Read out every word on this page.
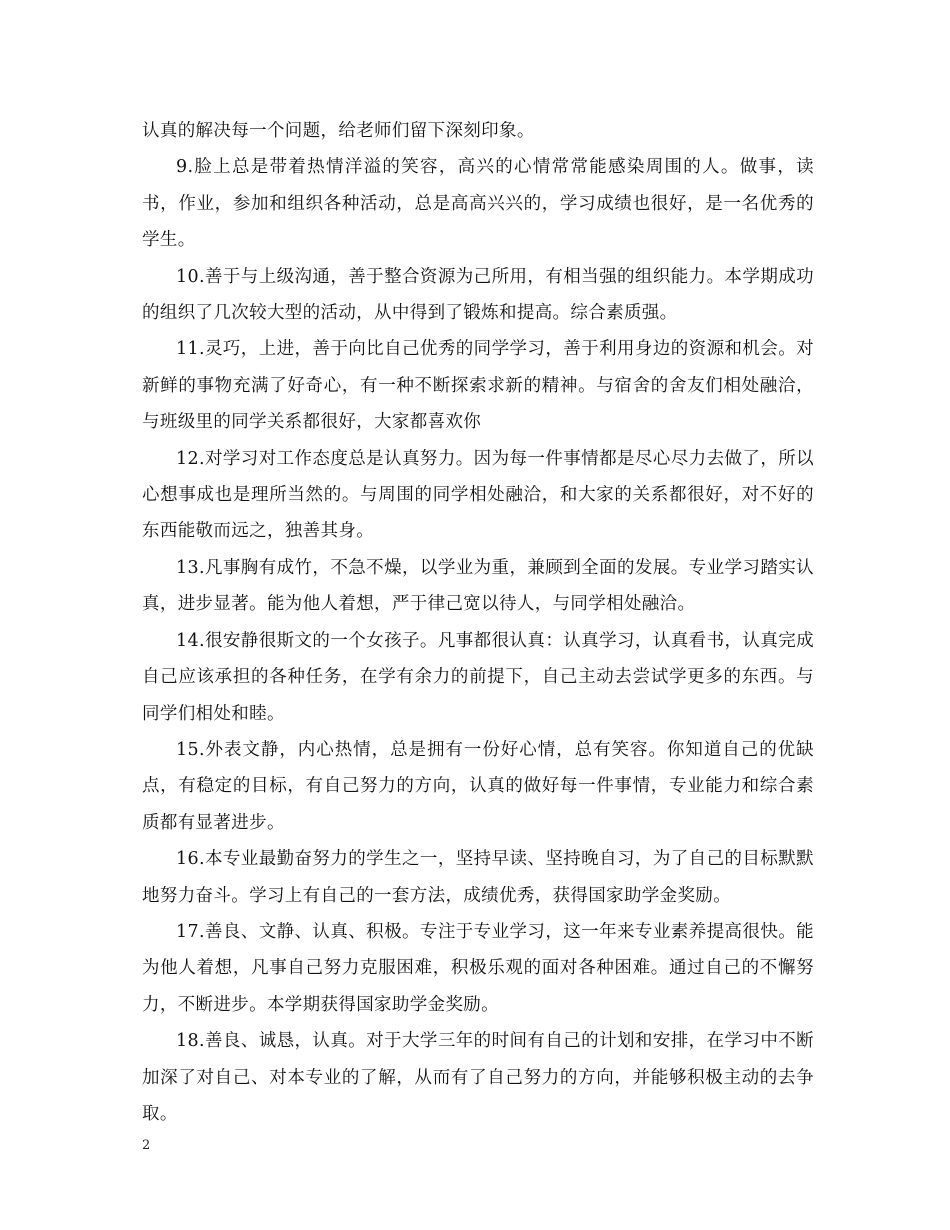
认真的解决每一个问题，给老师们留下深刻印象。

9.脸上总是带着热情洋溢的笑容，高兴的心情常常能感染周围的人。做事，读书，作业，参加和组织各种活动，总是高高兴兴的，学习成绩也很好，是一名优秀的学生。

10.善于与上级沟通，善于整合资源为己所用，有相当强的组织能力。本学期成功的组织了几次较大型的活动，从中得到了锻炼和提高。综合素质强。

11.灵巧，上进，善于向比自己优秀的同学学习，善于利用身边的资源和机会。对新鲜的事物充满了好奇心，有一种不断探索求新的精神。与宿舍的舍友们相处融洽，与班级里的同学关系都很好，大家都喜欢你

12.对学习对工作态度总是认真努力。因为每一件事情都是尽心尽力去做了，所以心想事成也是理所当然的。与周围的同学相处融洽，和大家的关系都很好，对不好的东西能敬而远之，独善其身。

13.凡事胸有成竹，不急不燥，以学业为重，兼顾到全面的发展。专业学习踏实认真，进步显著。能为他人着想，严于律己宽以待人，与同学相处融洽。

14.很安静很斯文的一个女孩子。凡事都很认真：认真学习，认真看书，认真完成自己应该承担的各种任务，在学有余力的前提下，自己主动去尝试学更多的东西。与同学们相处和睦。

15.外表文静，内心热情，总是拥有一份好心情，总有笑容。你知道自己的优缺点，有稳定的目标，有自己努力的方向，认真的做好每一件事情，专业能力和综合素质都有显著进步。

16.本专业最勤奋努力的学生之一，坚持早读、坚持晚自习，为了自己的目标默默地努力奋斗。学习上有自己的一套方法，成绩优秀，获得国家助学金奖励。

17.善良、文静、认真、积极。专注于专业学习，这一年来专业素养提高很快。能为他人着想，凡事自己努力克服困难，积极乐观的面对各种困难。通过自己的不懈努力，不断进步。本学期获得国家助学金奖励。

18.善良、诚恳，认真。对于大学三年的时间有自己的计划和安排，在学习中不断加深了对自己、对本专业的了解，从而有了自己努力的方向，并能够积极主动的去争取。

2
